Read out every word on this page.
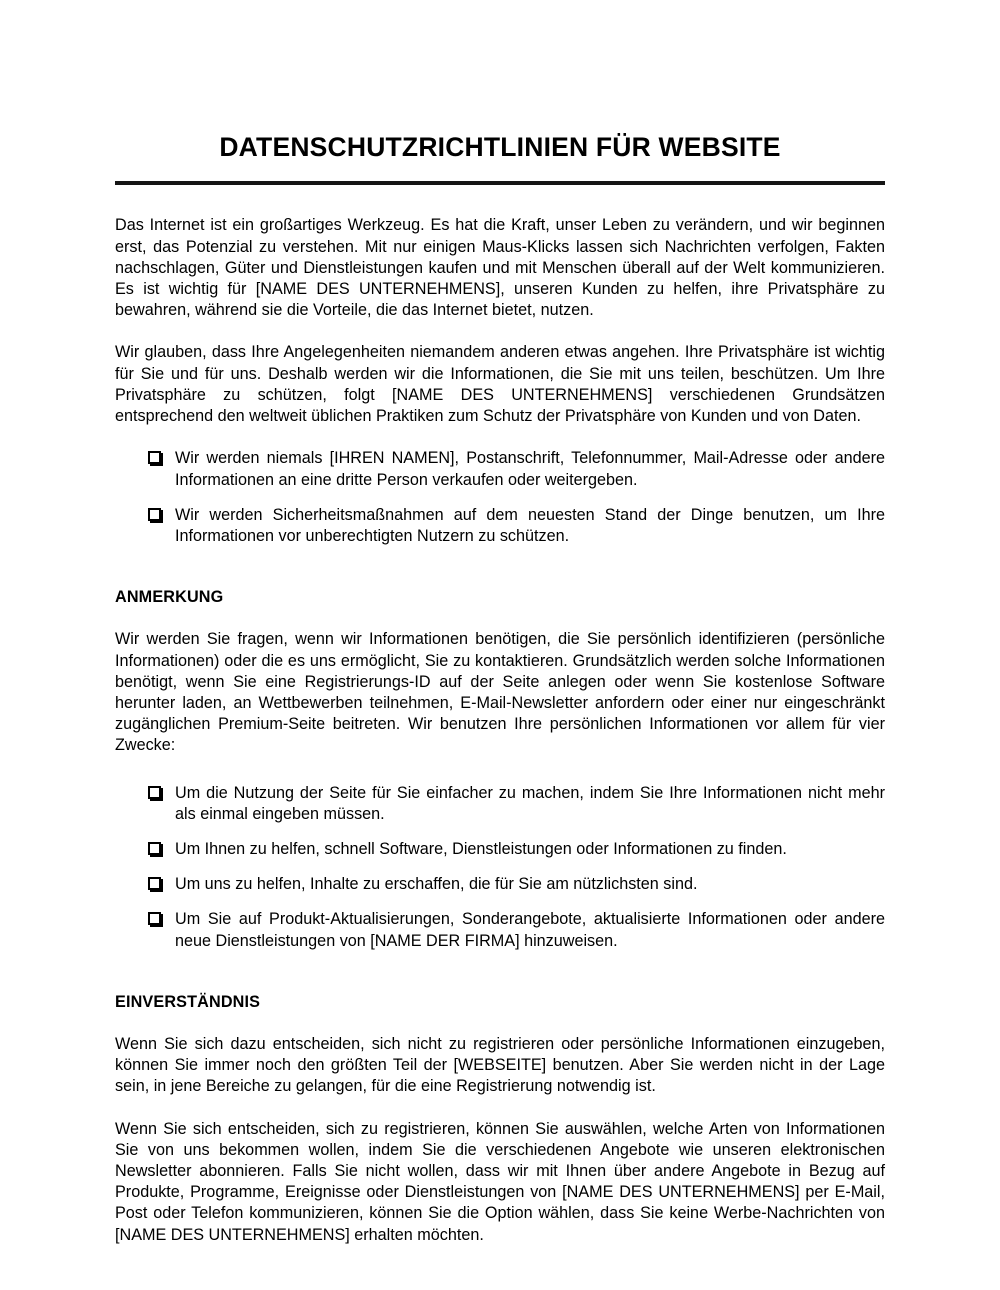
DATENSCHUTZRICHTLINIEN FÜR WEBSITE

Das Internet ist ein großartiges Werkzeug. Es hat die Kraft, unser Leben zu verändern, und wir beginnen erst, das Potenzial zu verstehen. Mit nur einigen Maus-Klicks lassen sich Nachrichten verfolgen, Fakten nachschlagen, Güter und Dienstleistungen kaufen und mit Menschen überall auf der Welt kommunizieren. Es ist wichtig für [NAME DES UNTERNEHMENS], unseren Kunden zu helfen, ihre Privatsphäre zu bewahren, während sie die Vorteile, die das Internet bietet, nutzen.

Wir glauben, dass Ihre Angelegenheiten niemandem anderen etwas angehen. Ihre Privatsphäre ist wichtig für Sie und für uns. Deshalb werden wir die Informationen, die Sie mit uns teilen, beschützen. Um Ihre Privatsphäre zu schützen, folgt [NAME DES UNTERNEHMENS] verschiedenen Grundsätzen entsprechend den weltweit üblichen Praktiken zum Schutz der Privatsphäre von Kunden und von Daten.

Wir werden niemals [IHREN NAMEN], Postanschrift, Telefonnummer, Mail-Adresse oder andere Informationen an eine dritte Person verkaufen oder weitergeben.
Wir werden Sicherheitsmaßnahmen auf dem neuesten Stand der Dinge benutzen, um Ihre Informationen vor unberechtigten Nutzern zu schützen.
ANMERKUNG

Wir werden Sie fragen, wenn wir Informationen benötigen, die Sie persönlich identifizieren (persönliche Informationen) oder die es uns ermöglicht, Sie zu kontaktieren. Grundsätzlich werden solche Informationen benötigt, wenn Sie eine Registrierungs-ID auf der Seite anlegen oder wenn Sie kostenlose Software herunter laden, an Wettbewerben teilnehmen, E-Mail-Newsletter anfordern oder einer nur eingeschränkt zugänglichen Premium-Seite beitreten. Wir benutzen Ihre persönlichen Informationen vor allem für vier Zwecke:

Um die Nutzung der Seite für Sie einfacher zu machen, indem Sie Ihre Informationen nicht mehr als einmal eingeben müssen.
Um Ihnen zu helfen, schnell Software, Dienstleistungen oder Informationen zu finden.
Um uns zu helfen, Inhalte zu erschaffen, die für Sie am nützlichsten sind.
Um Sie auf Produkt-Aktualisierungen, Sonderangebote, aktualisierte Informationen oder andere neue Dienstleistungen von [NAME DER FIRMA] hinzuweisen.
EINVERSTÄNDNIS

Wenn Sie sich dazu entscheiden, sich nicht zu registrieren oder persönliche Informationen einzugeben, können Sie immer noch den größten Teil der [WEBSEITE] benutzen. Aber Sie werden nicht in der Lage sein, in jene Bereiche zu gelangen, für die eine Registrierung notwendig ist.

Wenn Sie sich entscheiden, sich zu registrieren, können Sie auswählen, welche Arten von Informationen Sie von uns bekommen wollen, indem Sie die verschiedenen Angebote wie unseren elektronischen Newsletter abonnieren. Falls Sie nicht wollen, dass wir mit Ihnen über andere Angebote in Bezug auf Produkte, Programme, Ereignisse oder Dienstleistungen von [NAME DES UNTERNEHMENS] per E-Mail, Post oder Telefon kommunizieren, können Sie die Option wählen, dass Sie keine Werbe-Nachrichten von [NAME DES UNTERNEHMENS] erhalten möchten.
